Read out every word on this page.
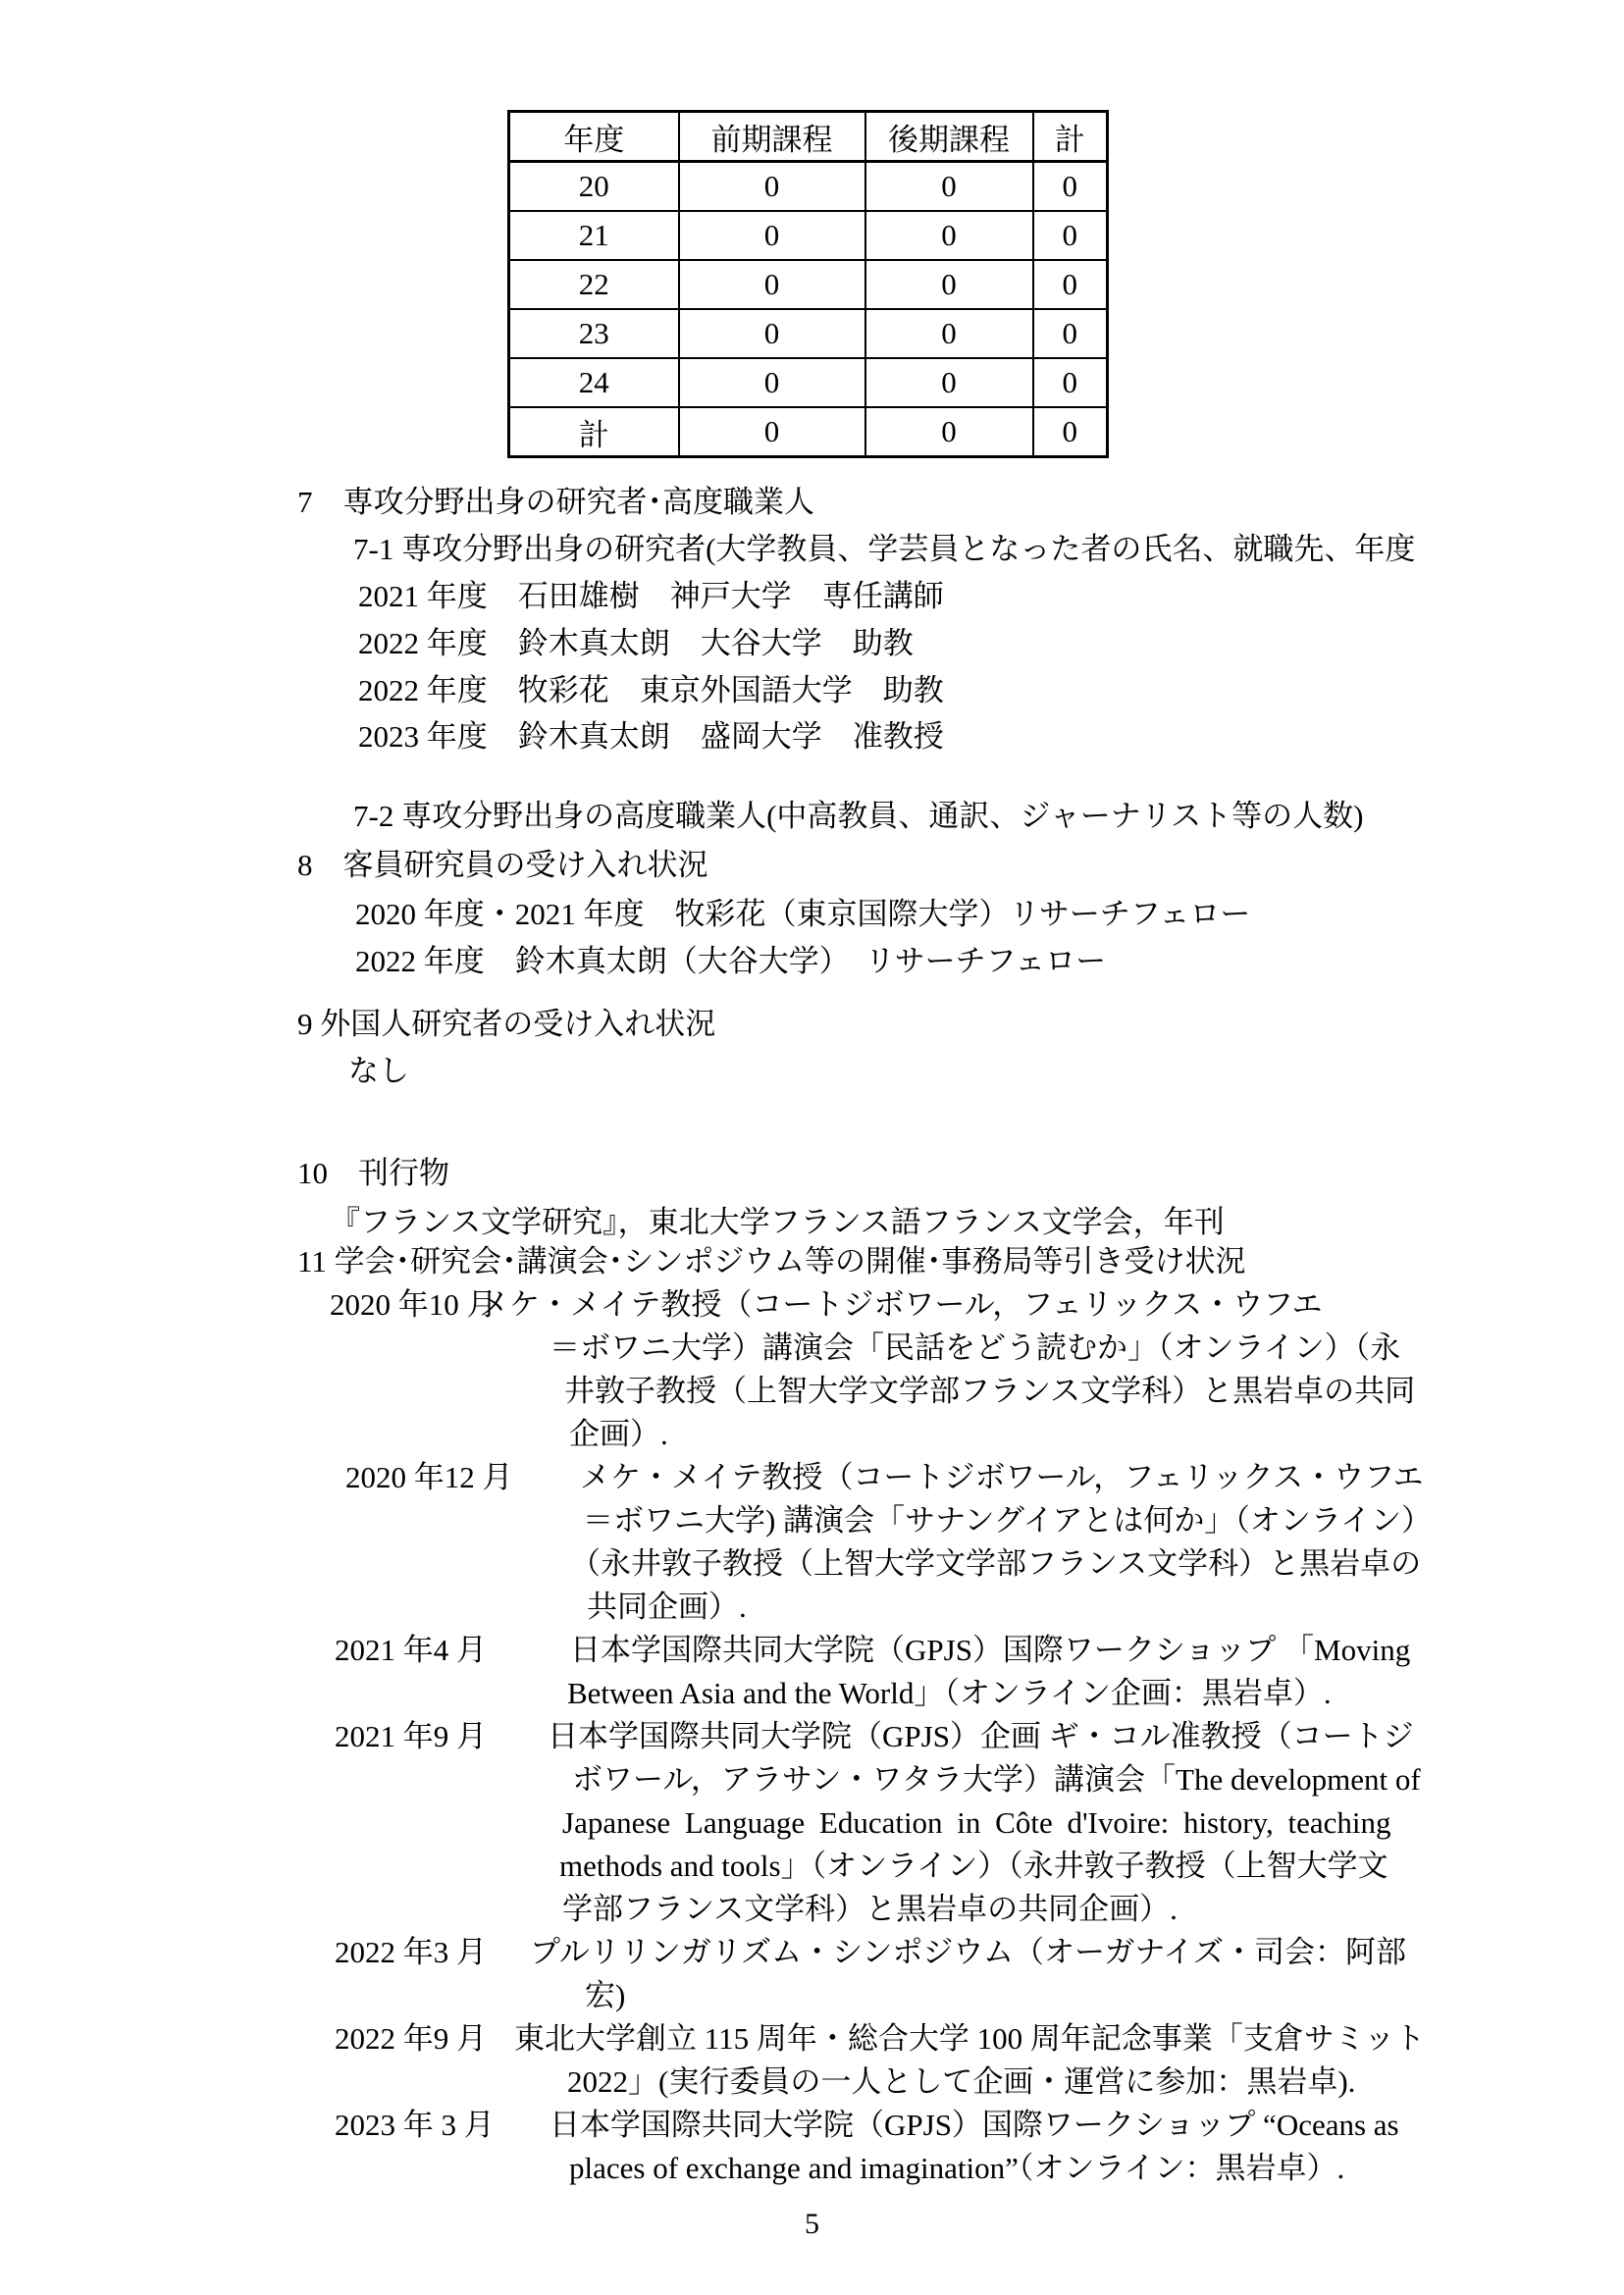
年度	前期課程	後期課程	計
20	0	0	0
21	0	0	0
22	0	0	0
23	0	0	0
24	0	0	0
計	0	0	0
7　専攻分野出身の研究者･高度職業人
7-1 専攻分野出身の研究者(大学教員、学芸員となった者の氏名、就職先、年度
2021 年度　石田雄樹　神戸大学　専任講師
2022 年度　鈴木真太朗　大谷大学　助教
2022 年度　牧彩花　東京外国語大学　助教
2023 年度　鈴木真太朗　盛岡大学　准教授
7-2 専攻分野出身の高度職業人(中高教員、通訳、ジャーナリスト等の人数)
8　客員研究員の受け入れ状況
2020 年度・2021 年度　牧彩花（東京国際大学）リサーチフェロー
2022 年度　鈴木真太朗（大谷大学）　リサーチフェロー
9 外国人研究者の受け入れ状況
なし
10　刊行物
『フランス文学研究』，東北大学フランス語フランス文学会，年刊
11 学会･研究会･講演会･シンポジウム等の開催･事務局等引き受け状況
2020 年10 月
メケ・メイテ教授（コートジボワール，フェリックス・ウフエ
＝ボワニ大学）講演会「民話をどう読むか」（オンライン）（永
井敦子教授（上智大学文学部フランス文学科）と黒岩卓の共同
企画）.
2020 年12 月 メケ・メイテ教授（コートジボワール，フェリックス・ウフエ
＝ボワニ大学) 講演会「サナングイアとは何か」（オンライン）
（永井敦子教授（上智大学文学部フランス文学科）と黒岩卓の
共同企画）.
2021 年4 月	日本学国際共同大学院（GPJS）国際ワークショップ 「Moving
Between Asia and the World」（オンライン企画：黒岩卓）.
2021 年9 月 日本学国際共同大学院（GPJS）企画 ギ・コル准教授（コートジ
ボワール，アラサン・ワタラ大学）講演会「The development of
Japanese Language Education in Côte d'Ivoire: history, teaching
methods and tools」（オンライン）（永井敦子教授（上智大学文
学部フランス文学科）と黒岩卓の共同企画）.
2022 年3 月 プルリリンガリズム・シンポジウム（オーガナイズ・司会：阿部
宏)
2022 年9 月 東北大学創立 115 周年・総合大学 100 周年記念事業「支倉サミット
2022」(実行委員の一人として企画・運営に参加：黒岩卓).
2023 年 3 月 日本学国際共同大学院（GPJS）国際ワークショップ “Oceans as
places of exchange and imagination”（オンライン：黒岩卓）.
5
